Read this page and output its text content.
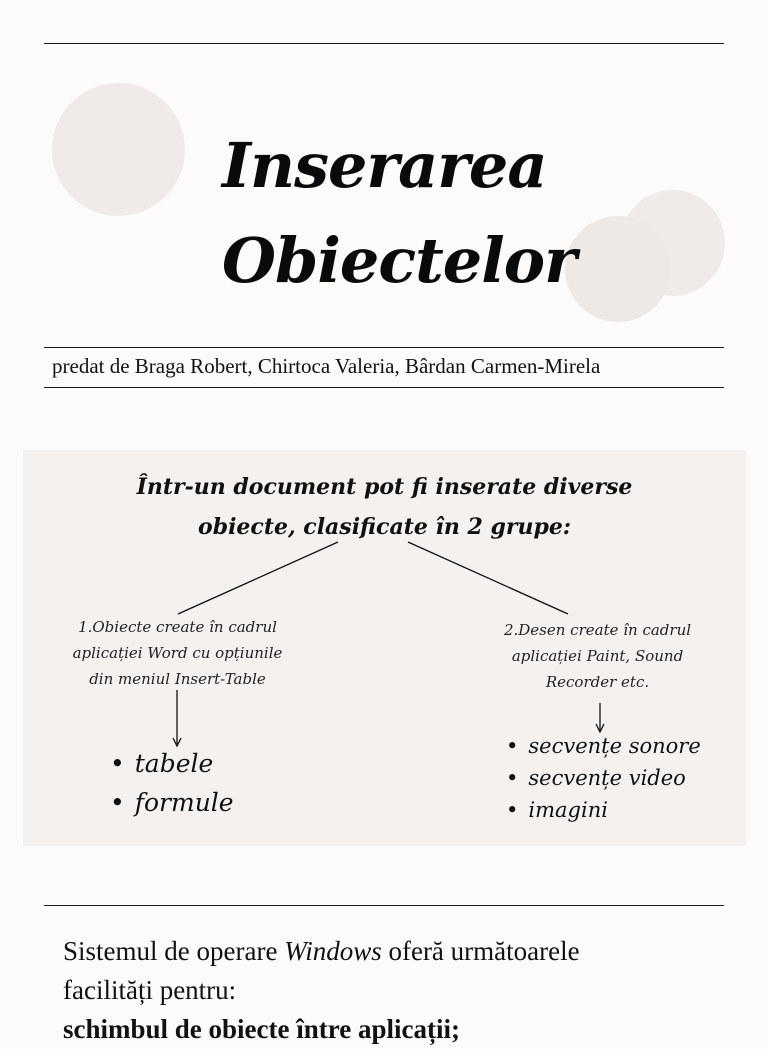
Inserarea
Obiectelor
predat de Braga Robert, Chirtoca Valeria, Bârdan Carmen-Mirela
Într-un document pot fi inserate diverse
obiecte, clasificate în 2 grupe:
1.Obiecte create în cadrul
aplicației Word cu opțiunile
din meniul Insert-Table
2.Desen create în cadrul
aplicației Paint, Sound
Recorder etc.
• tabele
• formule
• secvențe sonore
• secvențe video
• imagini
Sistemul de operare Windows oferă următoarele
facilități pentru:
schimbul de obiecte între aplicații;
